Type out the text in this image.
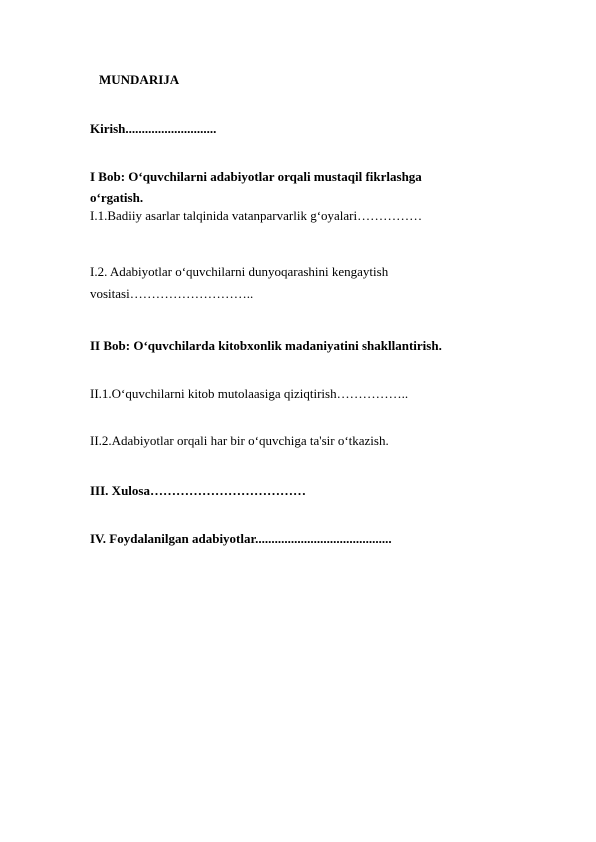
MUNDARIJA
Kirish............................
I Bob: O‘quvchilarni adabiyotlar orqali mustaqil fikrlashga
o‘rgatish.
I.1.Badiiy asarlar talqinida vatanparvarlik g‘oyalari……………
I.2. Adabiyotlar o‘quvchilarni dunyoqarashini kengaytish
vositasi………………………..
II Bob: O‘quvchilarda kitobxonlik madaniyatini shakllantirish.
II.1.O‘quvchilarni kitob mutolaasiga qiziqtirish……………..
II.2.Adabiyotlar orqali har bir o‘quvchiga ta'sir o‘tkazish.
III. Xulosa………………………………
IV. Foydalanilgan adabiyotlar..........................................
